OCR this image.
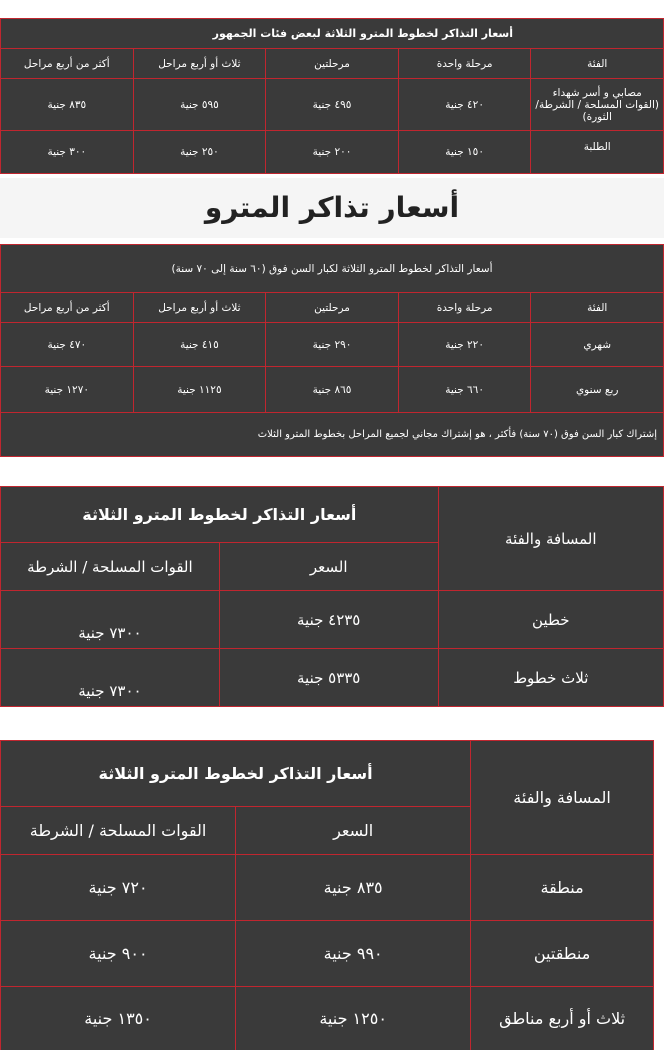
أسعار التذاكر لخطوط المترو الثلاثة لبعض فئات الجمهور				
الفئة	مرحلة واحدة	مرحلتين	ثلاث أو أربع مراحل	أكثر من أربع مراحل
مصابي و أسر شهداء (القوات المسلحة / الشرطة/ الثورة)	٤٢٠ جنية	٤٩٥ جنية	٥٩٥ جنية	٨٣٥ جنية
الطلبة	١٥٠ جنية	٢٠٠ جنية	٢٥٠ جنية	٣٠٠ جنية
أسعار تذاكر المترو
أسعار التذاكر لخطوط المترو الثلاثة لكبار السن فوق (٦٠ سنة إلى ٧٠ سنة)				
الفئة	مرحلة واحدة	مرحلتين	ثلاث أو أربع مراحل	أكثر من أربع مراحل
شهري	٢٢٠ جنية	٢٩٠ جنية	٤١٥ جنية	٤٧٠ جنية
ربع سنوي	٦٦٠ جنية	٨٦٥ جنية	١١٢٥ جنية	١٢٧٠ جنية
إشتراك كبار السن فوق (٧٠ سنة) فأكثر ، هو إشتراك مجاني لجميع المراحل بخطوط المترو الثلاث				
المسافة والفئة	أسعار التذاكر لخطوط المترو الثلاثة	
	السعر	القوات المسلحة / الشرطة
خطين	٤٢٣٥ جنية	٧٣٠٠ جنية
ثلاث خطوط	٥٣٣٥ جنية	٧٣٠٠ جنية
المسافة والفئة	أسعار التذاكر لخطوط المترو الثلاثة	
	السعر	القوات المسلحة / الشرطة
منطقة	٨٣٥ جنية	٧٢٠ جنية
منطقتين	٩٩٠ جنية	٩٠٠ جنية
ثلاث أو أربع مناطق	١٢٥٠ جنية	١٣٥٠ جنية
